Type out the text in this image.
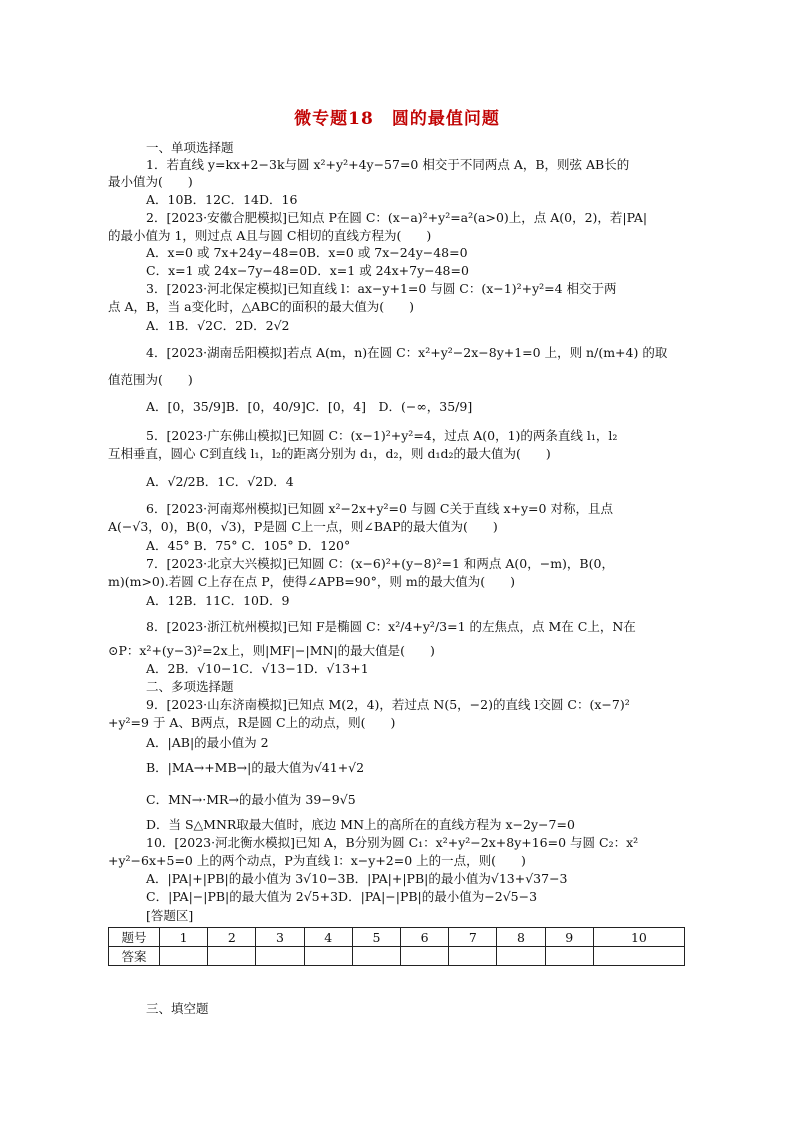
微专题18　圆的最值问题
一、单项选择题
1．若直线 y=kx+2−3k与圆 x²+y²+4y−57=0 相交于不同两点 A，B，则弦 AB长的
最小值为(　　)
A．10B．12C．14D．16
2．[2023·安徽合肥模拟]已知点 P在圆 C：(x−a)²+y²=a²(a>0)上，点 A(0，2)，若|PA|
的最小值为 1，则过点 A且与圆 C相切的直线方程为(　　)
A．x=0 或 7x+24y−48=0B．x=0 或 7x−24y−48=0
C．x=1 或 24x−7y−48=0D．x=1 或 24x+7y−48=0
3．[2023·河北保定模拟]已知直线 l：ax−y+1=0 与圆 C：(x−1)²+y²=4 相交于两
点 A，B，当 a变化时，△ABC的面积的最大值为(　　)
A．1B．√2C．2D．2√2
4．[2023·湖南岳阳模拟]若点 A(m，n)在圆 C：x²+y²−2x−8y+1=0 上，则 n/(m+4) 的取
值范围为(　　)
A．[0，35/9]B．[0，40/9]C．[0，4]　D．(−∞，35/9]
5．[2023·广东佛山模拟]已知圆 C：(x−1)²+y²=4，过点 A(0，1)的两条直线 l₁，l₂
互相垂直，圆心 C到直线 l₁，l₂的距离分别为 d₁，d₂，则 d₁d₂的最大值为(　　)
A．√2/2B．1C．√2D．4
6．[2023·河南郑州模拟]已知圆 x²−2x+y²=0 与圆 C关于直线 x+y=0 对称，且点
A(−√3，0)，B(0，√3)，P是圆 C上一点，则∠BAP的最大值为(　　)
A．45° B．75° C．105° D．120°
7．[2023·北京大兴模拟]已知圆 C：(x−6)²+(y−8)²=1 和两点 A(0，−m)，B(0，
m)(m>0).若圆 C上存在点 P，使得∠APB=90°，则 m的最大值为(　　)
A．12B．11C．10D．9
8．[2023·浙江杭州模拟]已知 F是椭圆 C：x²/4+y²/3=1 的左焦点，点 M在 C上，N在
⊙P：x²+(y−3)²=2x上，则|MF|−|MN|的最大值是(　　)
A．2B．√10−1C．√13−1D．√13+1
二、多项选择题
9．[2023·山东济南模拟]已知点 M(2，4)，若过点 N(5，−2)的直线 l交圆 C：(x−7)²
+y²=9 于 A、B两点，R是圆 C上的动点，则(　　)
A．|AB|的最小值为 2
B．|MA→+MB→|的最大值为√41+√2
C．MN→·MR→的最小值为 39−9√5
D．当 S△MNR取最大值时，底边 MN上的高所在的直线方程为 x−2y−7=0
10．[2023·河北衡水模拟]已知 A，B分别为圆 C₁：x²+y²−2x+8y+16=0 与圆 C₂：x²
+y²−6x+5=0 上的两个动点，P为直线 l：x−y+2=0 上的一点，则(　　)
A．|PA|+|PB|的最小值为 3√10−3B．|PA|+|PB|的最小值为√13+√37−3
C．|PA|−|PB|的最大值为 2√5+3D．|PA|−|PB|的最小值为−2√5−3
[答题区]
题号	1	2	3	4	5	6	7	8	9	10
答案										
三、填空题
